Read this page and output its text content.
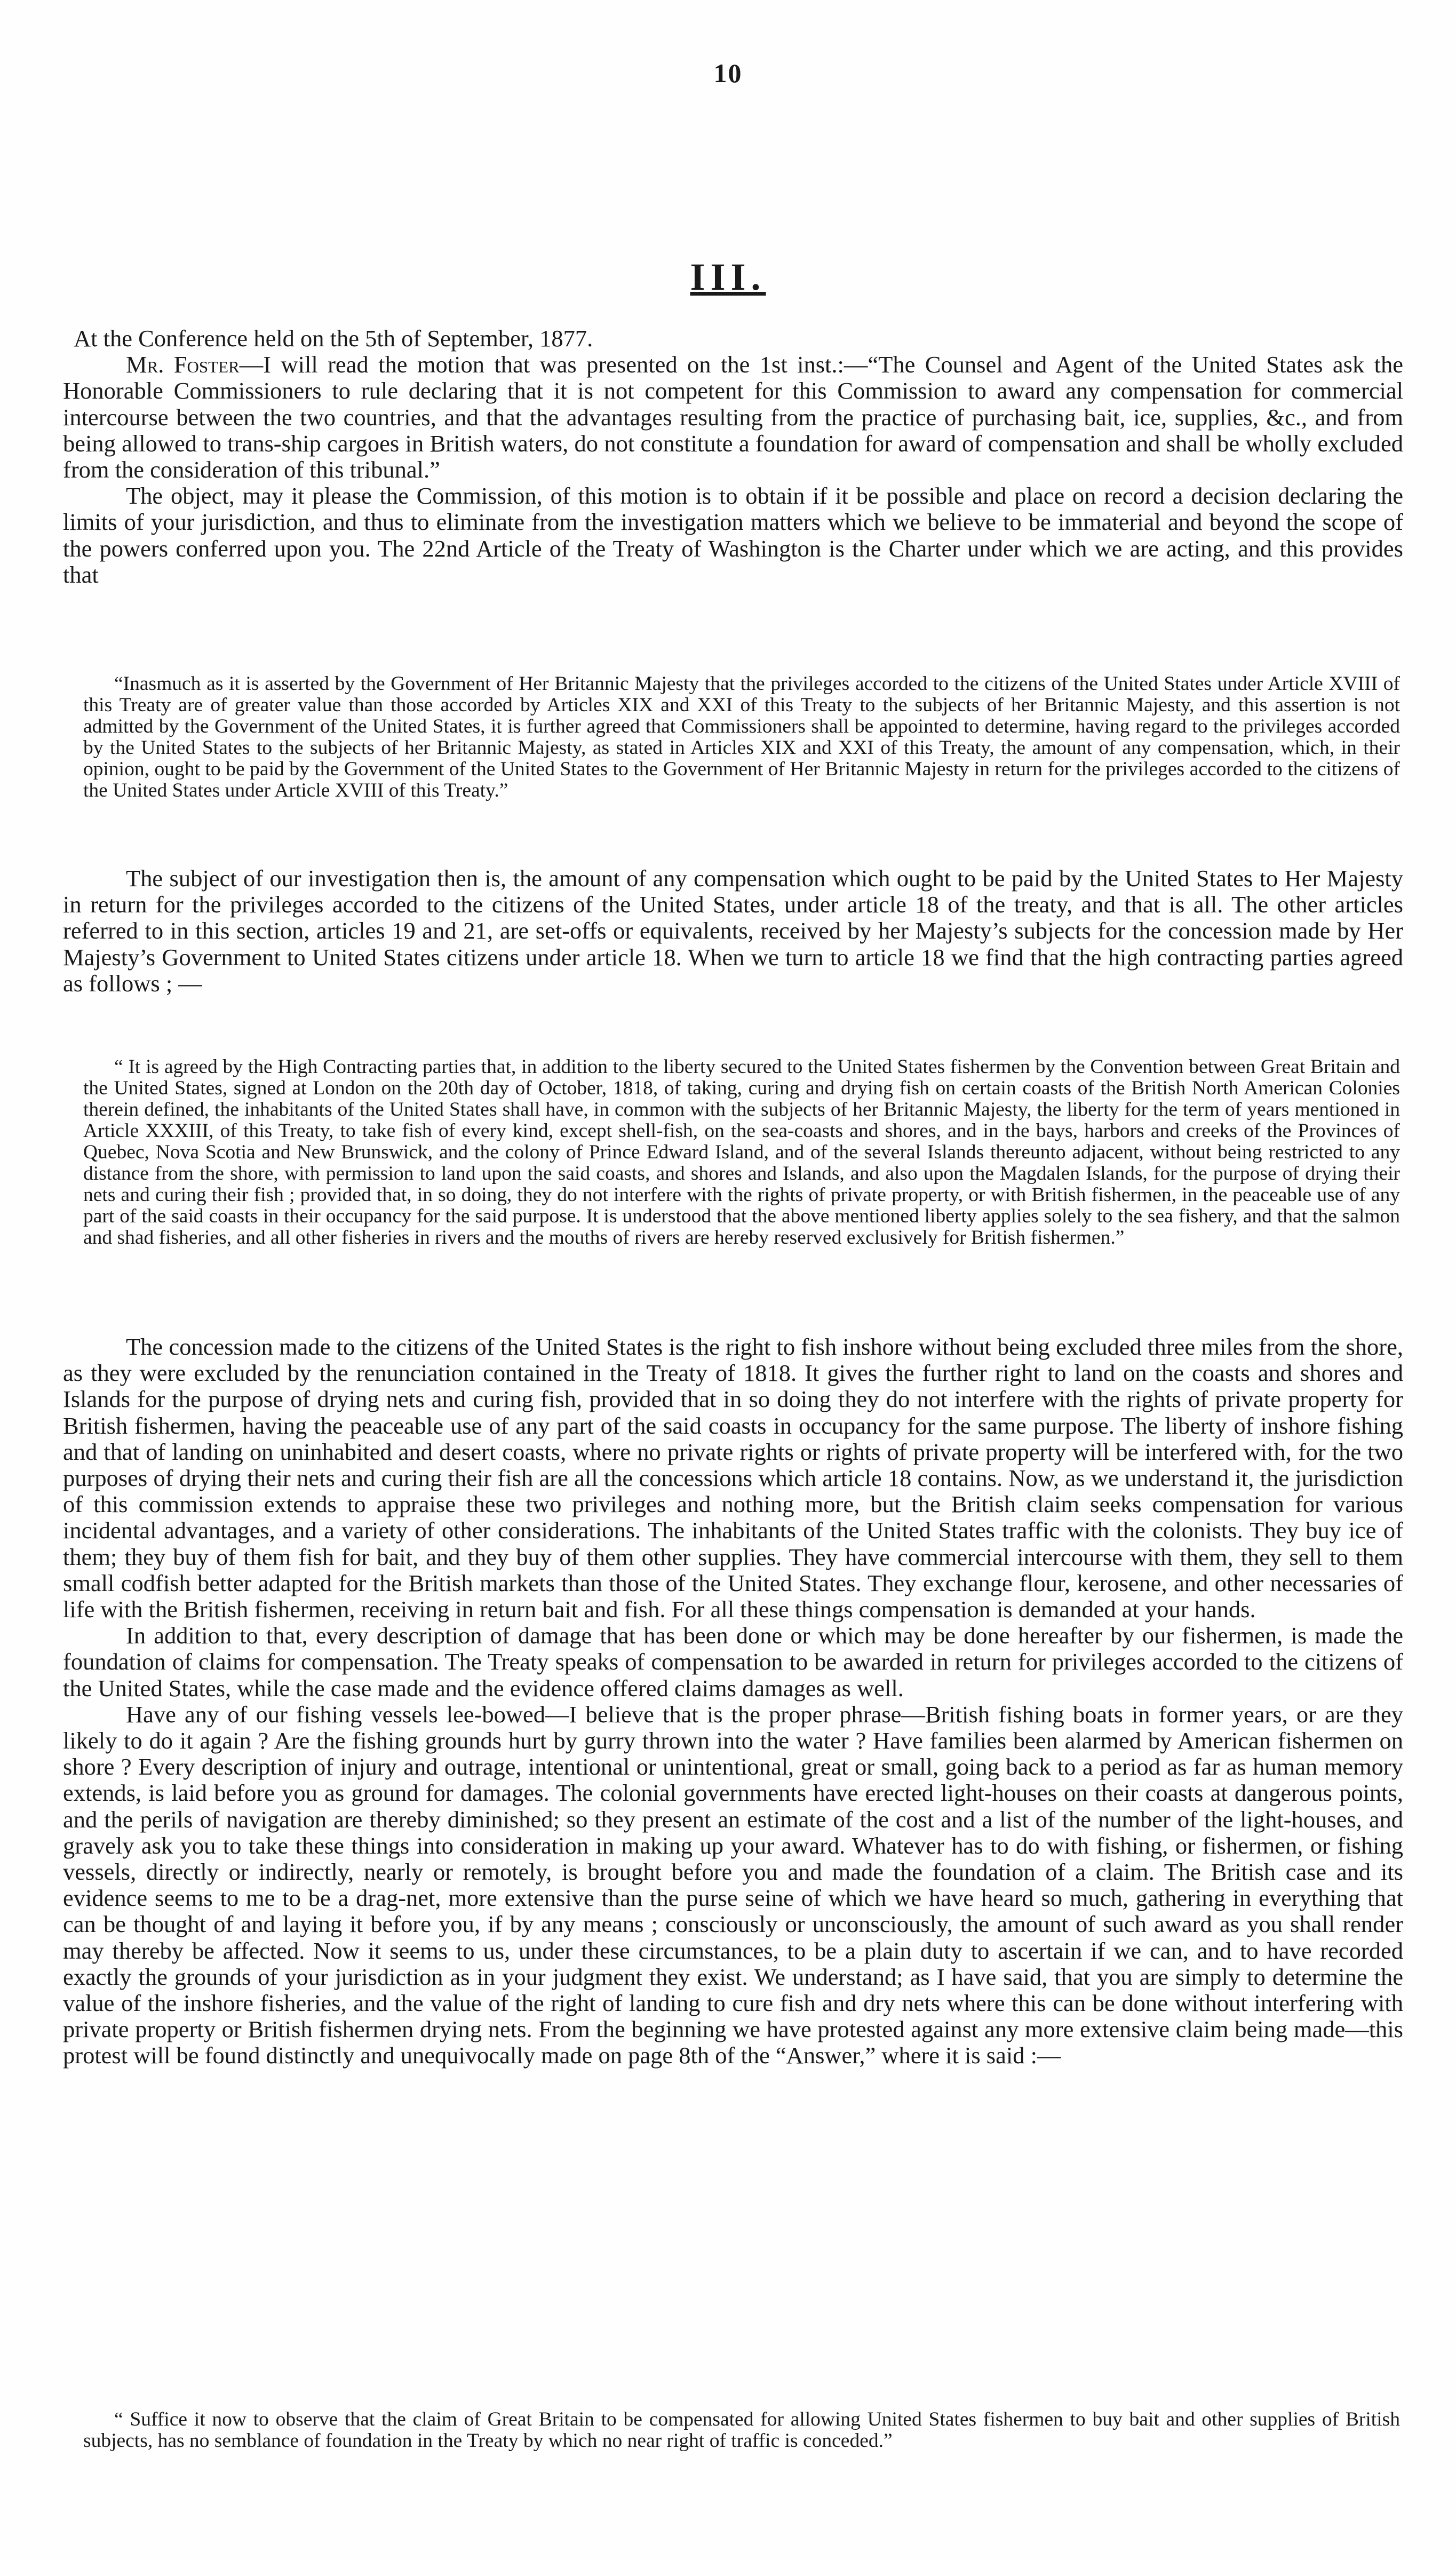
10
III.

At the Conference held on the 5th of September, 1877.

Mr. Foster—I will read the motion that was presented on the 1st inst.:—“The Counsel and Agent of the United States ask the Honorable Commissioners to rule declaring that it is not competent for this Commission to award any compensation for commercial intercourse between the two countries, and that the advantages resulting from the practice of purchasing bait, ice, supplies, &c., and from being allowed to trans-ship cargoes in British waters, do not constitute a foundation for award of compensation and shall be wholly excluded from the consideration of this tribunal.”

The object, may it please the Commission, of this motion is to obtain if it be possible and place on record a decision declaring the limits of your jurisdiction, and thus to eliminate from the investigation matters which we believe to be immaterial and beyond the scope of the powers conferred upon you. The 22nd Article of the Treaty of Washington is the Charter under which we are acting, and this provides that

“Inasmuch as it is asserted by the Government of Her Britannic Majesty that the privileges accorded to the citizens of the United States under Article XVIII of this Treaty are of greater value than those accorded by Articles XIX and XXI of this Treaty to the subjects of her Britannic Majesty, and this assertion is not admitted by the Government of the United States, it is further agreed that Commissioners shall be appointed to determine, having regard to the privileges accorded by the United States to the subjects of her Britannic Majesty, as stated in Articles XIX and XXI of this Treaty, the amount of any compensation, which, in their opinion, ought to be paid by the Government of the United States to the Government of Her Britannic Majesty in return for the privileges accorded to the citizens of the United States under Article XVIII of this Treaty.”

The subject of our investigation then is, the amount of any compensation which ought to be paid by the United States to Her Majesty in return for the privileges accorded to the citizens of the United States, under article 18 of the treaty, and that is all. The other articles referred to in this section, articles 19 and 21, are set-offs or equivalents, received by her Majesty’s subjects for the concession made by Her Majesty’s Government to United States citizens under article 18. When we turn to article 18 we find that the high contracting parties agreed as follows ; —

“ It is agreed by the High Contracting parties that, in addition to the liberty secured to the United States fishermen by the Convention between Great Britain and the United States, signed at London on the 20th day of October, 1818, of taking, curing and drying fish on certain coasts of the British North American Colonies therein defined, the inhabitants of the United States shall have, in common with the subjects of her Britannic Majesty, the liberty for the term of years mentioned in Article XXXIII, of this Treaty, to take fish of every kind, except shell-fish, on the sea-coasts and shores, and in the bays, harbors and creeks of the Provinces of Quebec, Nova Scotia and New Brunswick, and the colony of Prince Edward Island, and of the several Islands thereunto adjacent, without being restricted to any distance from the shore, with permission to land upon the said coasts, and shores and Islands, and also upon the Magdalen Islands, for the purpose of drying their nets and curing their fish ; provided that, in so doing, they do not interfere with the rights of private property, or with British fishermen, in the peaceable use of any part of the said coasts in their occupancy for the said purpose. It is understood that the above mentioned liberty applies solely to the sea fishery, and that the salmon and shad fisheries, and all other fisheries in rivers and the mouths of rivers are hereby reserved exclusively for British fishermen.”

The concession made to the citizens of the United States is the right to fish inshore without being excluded three miles from the shore, as they were excluded by the renunciation contained in the Treaty of 1818. It gives the further right to land on the coasts and shores and Islands for the purpose of drying nets and curing fish, provided that in so doing they do not interfere with the rights of private property for British fishermen, having the peaceable use of any part of the said coasts in occupancy for the same purpose. The liberty of inshore fishing and that of landing on uninhabited and desert coasts, where no private rights or rights of private property will be interfered with, for the two purposes of drying their nets and curing their fish are all the concessions which article 18 contains. Now, as we understand it, the jurisdiction of this commission extends to appraise these two privileges and nothing more, but the British claim seeks compensation for various incidental advantages, and a variety of other considerations. The inhabitants of the United States traffic with the colonists. They buy ice of them; they buy of them fish for bait, and they buy of them other supplies. They have commercial intercourse with them, they sell to them small codfish better adapted for the British markets than those of the United States. They exchange flour, kerosene, and other necessaries of life with the British fishermen, receiving in return bait and fish. For all these things compensation is demanded at your hands.

In addition to that, every description of damage that has been done or which may be done hereafter by our fishermen, is made the foundation of claims for compensation. The Treaty speaks of compensation to be awarded in return for privileges accorded to the citizens of the United States, while the case made and the evidence offered claims damages as well.

Have any of our fishing vessels lee-bowed—I believe that is the proper phrase—British fishing boats in former years, or are they likely to do it again ? Are the fishing grounds hurt by gurry thrown into the water ? Have families been alarmed by American fishermen on shore ? Every description of injury and outrage, intentional or unintentional, great or small, going back to a period as far as human memory extends, is laid before you as ground for damages. The colonial governments have erected light-houses on their coasts at dangerous points, and the perils of navigation are thereby diminished; so they present an estimate of the cost and a list of the number of the light-houses, and gravely ask you to take these things into consideration in making up your award. Whatever has to do with fishing, or fishermen, or fishing vessels, directly or indirectly, nearly or remotely, is brought before you and made the foundation of a claim. The British case and its evidence seems to me to be a drag-net, more extensive than the purse seine of which we have heard so much, gathering in everything that can be thought of and laying it before you, if by any means ; consciously or unconsciously, the amount of such award as you shall render may thereby be affected. Now it seems to us, under these circumstances, to be a plain duty to ascertain if we can, and to have recorded exactly the grounds of your jurisdiction as in your judgment they exist. We understand; as I have said, that you are simply to determine the value of the inshore fisheries, and the value of the right of landing to cure fish and dry nets where this can be done without interfering with private property or British fishermen drying nets. From the beginning we have protested against any more extensive claim being made—this protest will be found distinctly and unequivocally made on page 8th of the “Answer,” where it is said :—

“ Suffice it now to observe that the claim of Great Britain to be compensated for allowing United States fishermen to buy bait and other supplies of British subjects, has no semblance of foundation in the Treaty by which no near right of traffic is conceded.”
